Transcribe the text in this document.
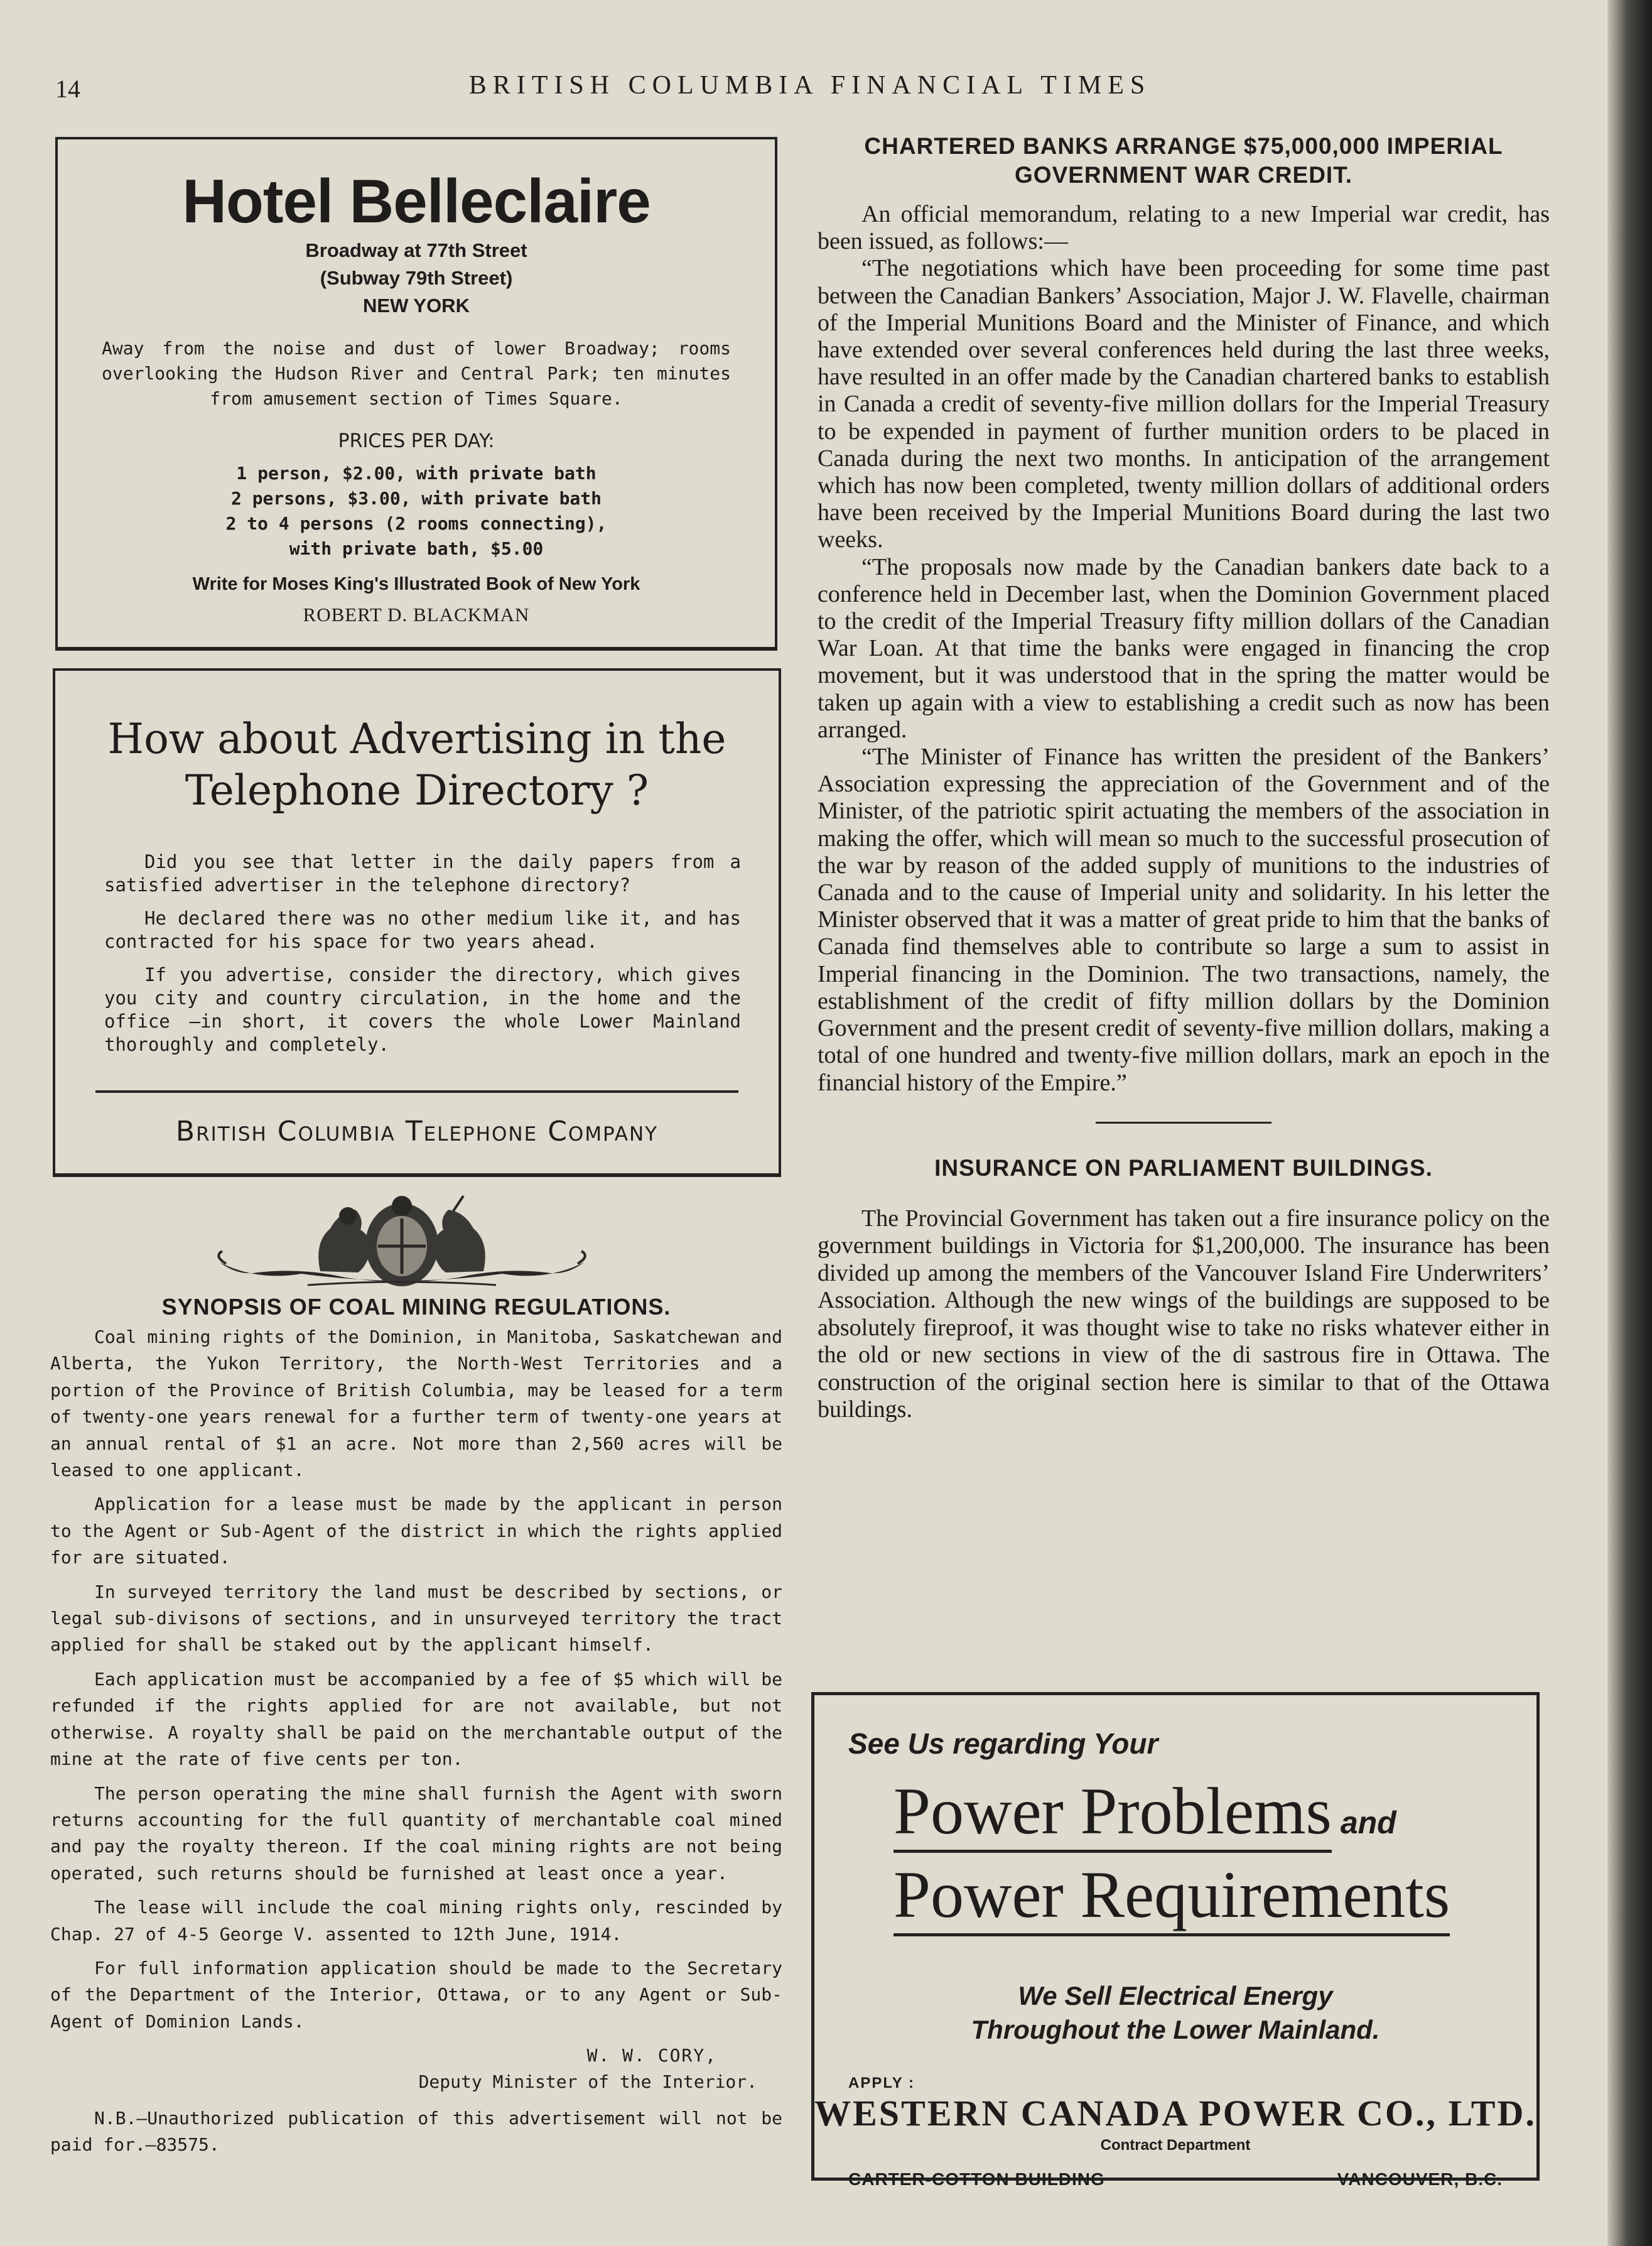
14	BRITISH COLUMBIA FINANCIAL TIMES
Hotel Belleclaire
Broadway at 77th Street
(Subway 79th Street)
NEW YORK
Away from the noise and dust of lower Broadway; rooms overlooking the Hudson River and Central Park; ten minutes from amusement section of Times Square.
PRICES PER DAY:
1 person, $2.00, with private bath
2 persons, $3.00, with private bath
2 to 4 persons (2 rooms connecting), with private bath, $5.00
Write for Moses King's Illustrated Book of New York
ROBERT D. BLACKMAN
How about Advertising in the Telephone Directory ?

Did you see that letter in the daily papers from a satisfied advertiser in the telephone directory?

He declared there was no other medium like it, and has contracted for his space for two years ahead.

If you advertise, consider the directory, which gives you city and country circulation, in the home and the office —in short, it covers the whole Lower Mainland thoroughly and completely.

British Columbia Telephone Company
SYNOPSIS OF COAL MINING REGULATIONS.

Coal mining rights of the Dominion, in Manitoba, Saskatchewan and Alberta, the Yukon Territory, the North-West Territories and a portion of the Province of British Columbia, may be leased for a term of twenty-one years renewal for a further term of twenty-one years at an annual rental of $1 an acre. Not more than 2,560 acres will be leased to one applicant.

Application for a lease must be made by the applicant in person to the Agent or Sub-Agent of the district in which the rights applied for are situated.

In surveyed territory the land must be described by sections, or legal sub-divisons of sections, and in unsurveyed territory the tract applied for shall be staked out by the applicant himself.

Each application must be accompanied by a fee of $5 which will be refunded if the rights applied for are not available, but not otherwise. A royalty shall be paid on the merchantable output of the mine at the rate of five cents per ton.

The person operating the mine shall furnish the Agent with sworn returns accounting for the full quantity of merchantable coal mined and pay the royalty thereon. If the coal mining rights are not being operated, such returns should be furnished at least once a year.

The lease will include the coal mining rights only, rescinded by Chap. 27 of 4-5 George V. assented to 12th June, 1914.

For full information application should be made to the Secretary of the Department of the Interior, Ottawa, or to any Agent or Sub-Agent of Dominion Lands.

W. W. CORY,
Deputy Minister of the Interior.
N.B.—Unauthorized publication of this advertisement will not be paid for.—83575.
CHARTERED BANKS ARRANGE $75,000,000 IMPERIAL GOVERNMENT WAR CREDIT.

An official memorandum, relating to a new Imperial war credit, has been issued, as follows:—

“The negotiations which have been proceeding for some time past between the Canadian Bankers’ Association, Major J. W. Flavelle, chairman of the Imperial Munitions Board and the Minister of Finance, and which have extended over several conferences held during the last three weeks, have resulted in an offer made by the Canadian chartered banks to establish in Canada a credit of seventy-five million dollars for the Imperial Treasury to be expended in payment of further munition orders to be placed in Canada during the next two months. In anticipation of the arrangement which has now been completed, twenty million dollars of additional orders have been received by the Imperial Munitions Board during the last two weeks.

“The proposals now made by the Canadian bankers date back to a conference held in December last, when the Dominion Government placed to the credit of the Imperial Treasury fifty million dollars of the Canadian War Loan. At that time the banks were engaged in financing the crop movement, but it was understood that in the spring the matter would be taken up again with a view to establishing a credit such as now has been arranged.

“The Minister of Finance has written the president of the Bankers’ Association expressing the appreciation of the Government and of the Minister, of the patriotic spirit actuating the members of the association in making the offer, which will mean so much to the successful prosecution of the war by reason of the added supply of munitions to the industries of Canada and to the cause of Imperial unity and solidarity. In his letter the Minister observed that it was a matter of great pride to him that the banks of Canada find themselves able to contribute so large a sum to assist in Imperial financing in the Dominion. The two transactions, namely, the establishment of the credit of fifty million dollars by the Dominion Government and the present credit of seventy-five million dollars, making a total of one hundred and twenty-five million dollars, mark an epoch in the financial history of the Empire.”

INSURANCE ON PARLIAMENT BUILDINGS.

The Provincial Government has taken out a fire insurance policy on the government buildings in Victoria for $1,200,000. The insurance has been divided up among the members of the Vancouver Island Fire Underwriters’ Association. Although the new wings of the buildings are supposed to be absolutely fireproof, it was thought wise to take no risks whatever either in the old or new sections in view of the di sastrous fire in Ottawa. The construction of the original section here is similar to that of the Ottawa buildings.

See Us regarding Your
Power Problems and
Power Requirements
We Sell Electrical Energy
Throughout the Lower Mainland.
APPLY :
WESTERN CANADA POWER CO., LTD.
Contract Department
CARTER-COTTON BUILDING	VANCOUVER, B.C.
